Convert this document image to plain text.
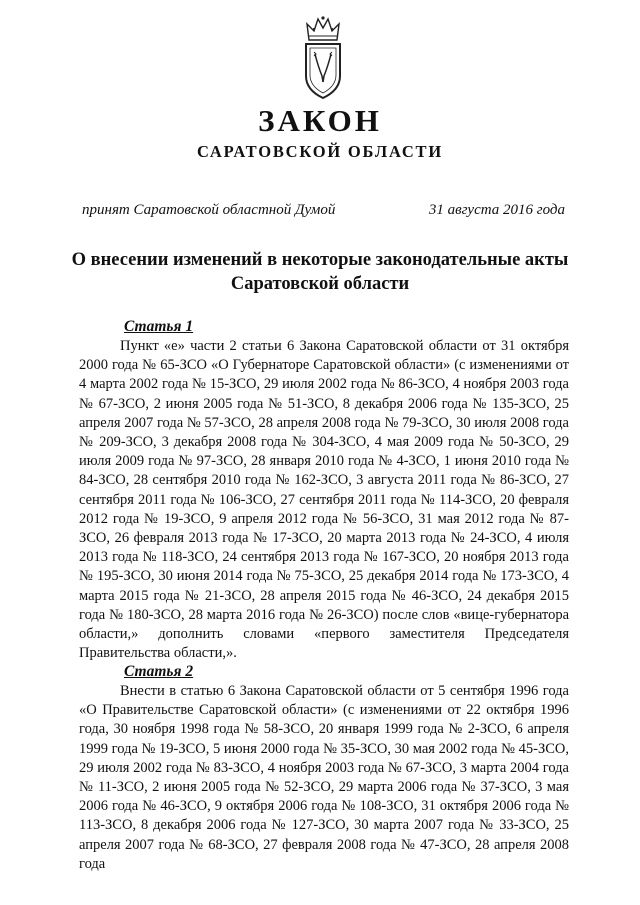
ЗАКОН
САРАТОВСКОЙ ОБЛАСТИ
принят Саратовской областной Думой	31 августа 2016 года
О внесении изменений в некоторые законодательные акты Саратовской области
Статья 1

Пункт «е» части 2 статьи 6 Закона Саратовской области от 31 октября 2000 года № 65-ЗСО «О Губернаторе Саратовской области» (с изменениями от 4 марта 2002 года № 15-ЗСО, 29 июля 2002 года № 86-ЗСО, 4 ноября 2003 года № 67-ЗСО, 2 июня 2005 года № 51-ЗСО, 8 декабря 2006 года № 135-ЗСО, 25 апреля 2007 года № 57-ЗСО, 28 апреля 2008 года № 79-ЗСО, 30 июля 2008 года № 209-ЗСО, 3 декабря 2008 года № 304-ЗСО, 4 мая 2009 года № 50-ЗСО, 29 июля 2009 года № 97-ЗСО, 28 января 2010 года № 4-ЗСО, 1 июня 2010 года № 84-ЗСО, 28 сентября 2010 года № 162-ЗСО, 3 августа 2011 года № 86-ЗСО, 27 сентября 2011 года № 106-ЗСО, 27 сентября 2011 года № 114-ЗСО, 20 февраля 2012 года № 19-ЗСО, 9 апреля 2012 года № 56-ЗСО, 31 мая 2012 года № 87-ЗСО, 26 февраля 2013 года № 17-ЗСО, 20 марта 2013 года № 24-ЗСО, 4 июля 2013 года № 118-ЗСО, 24 сентября 2013 года № 167-ЗСО, 20 ноября 2013 года № 195-ЗСО, 30 июня 2014 года № 75-ЗСО, 25 декабря 2014 года № 173-ЗСО, 4 марта 2015 года № 21-ЗСО, 28 апреля 2015 года № 46-ЗСО, 24 декабря 2015 года № 180-ЗСО, 28 марта 2016 года № 26-ЗСО) после слов «вице-губернатора области,» дополнить словами «первого заместителя Председателя Правительства области,».

Статья 2

Внести в статью 6 Закона Саратовской области от 5 сентября 1996 года «О Правительстве Саратовской области» (с изменениями от 22 октября 1996 года, 30 ноября 1998 года № 58-ЗСО, 20 января 1999 года № 2-ЗСО, 6 апреля 1999 года № 19-ЗСО, 5 июня 2000 года № 35-ЗСО, 30 мая 2002 года № 45-ЗСО, 29 июля 2002 года № 83-ЗСО, 4 ноября 2003 года № 67-ЗСО, 3 марта 2004 года № 11-ЗСО, 2 июня 2005 года № 52-ЗСО, 29 марта 2006 года № 37-ЗСО, 3 мая 2006 года № 46-ЗСО, 9 октября 2006 года № 108-ЗСО, 31 октября 2006 года № 113-ЗСО, 8 декабря 2006 года № 127-ЗСО, 30 марта 2007 года № 33-ЗСО, 25 апреля 2007 года № 68-ЗСО, 27 февраля 2008 года № 47-ЗСО, 28 апреля 2008 года
